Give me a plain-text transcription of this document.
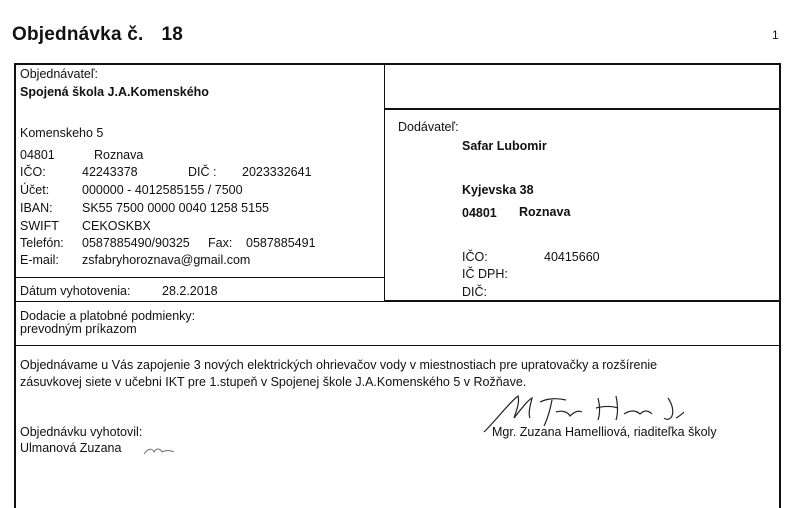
Objednávka č. 18	1
Objednávateľ:
Spojená škola J.A.Komenského
Komenskeho 5
04801	Roznava
IČO:	42243378	DIČ : 2023332641
Účet:	000000 - 4012585155 / 7500
IBAN: SK55 7500 0000 0040 1258 5155
SWIFT CEKOSKBX
Telefón: 0587885490/90325 Fax: 0587885491
E-mail: zsfabryhoroznava@gmail.com
Dátum vyhotovenia:	28.2.2018
Dodávateľ:
Safar Lubomir
Kyjevska 38
04801 Roznava
IČO:	40415660
IČ DPH:
DIČ:
Dodacie a platobné podmienky:
prevodným príkazom
Objednávame u Vás zapojenie 3 nových elektrických ohrievačov vody v miestnostiach pre upratovačky a rozšírenie
zásuvkovej siete v učebni IKT pre 1.stupeň v Spojenej škole J.A.Komenského 5 v Rožňave.
Objednávku vyhotovil:
Ulmanová Zuzana
Mgr. Zuzana Hamelliová, riaditeľka školy
